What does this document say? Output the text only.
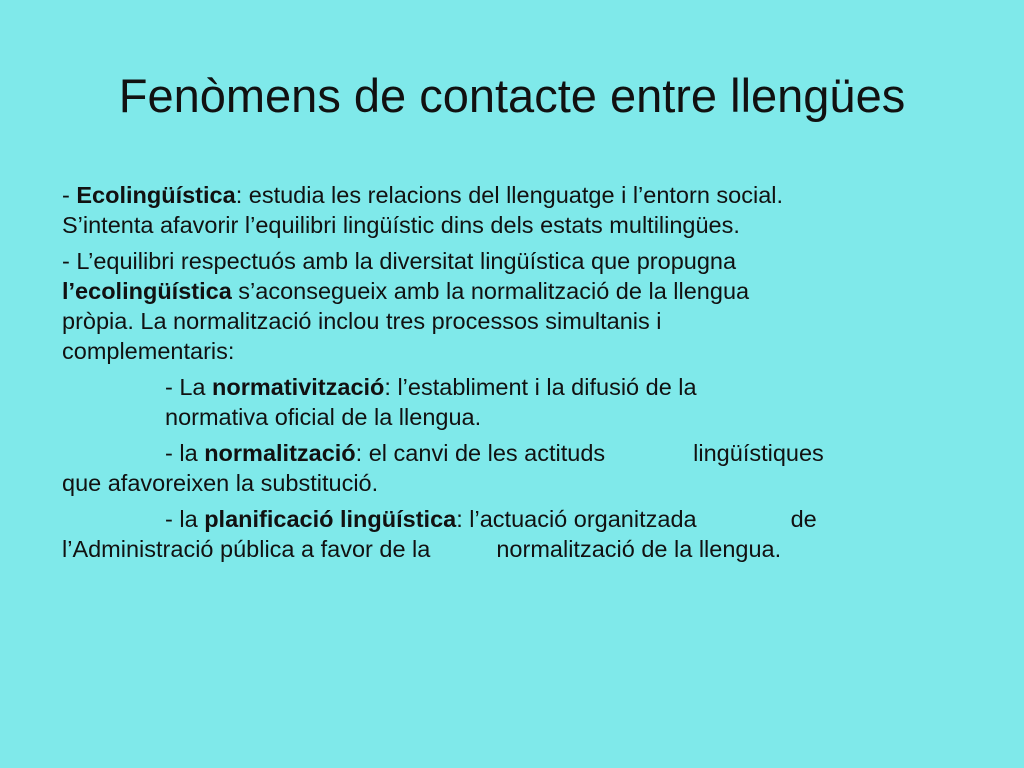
Fenòmens de contacte entre llengües

- Ecolingüística: estudia les relacions del llenguatge i l’entorn social.
S’intenta afavorir l’equilibri lingüístic dins dels estats multilingües.

- L’equilibri respectuós amb la diversitat lingüística que propugna
l’ecolingüística s’aconsegueix amb la normalització de la llengua
pròpia. La normalització inclou tres processos simultanis i
complementaris:

- La normativització: l’establiment i la difusió de la
normativa oficial de la llengua.

- la normalització: el canvi de les actituds	lingüístiques
que afavoreixen la substitució.

- la planificació lingüística: l’actuació organitzada	de
l’Administració pública a favor de la	normalització de la llengua.
